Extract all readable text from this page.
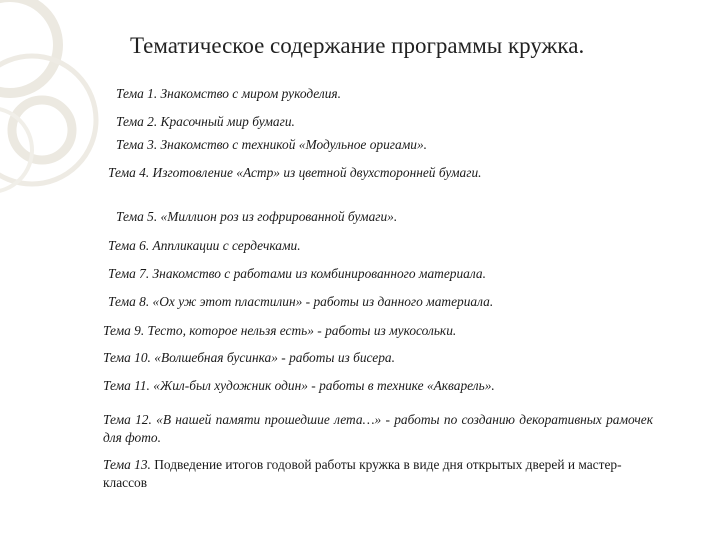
Тематическое содержание программы кружка.
Тема 1. Знакомство с миром рукоделия.
Тема 2. Красочный мир бумаги.
Тема 3. Знакомство с техникой «Модульное оригами».
Тема 4. Изготовление «Астр» из цветной двухсторонней бумаги.
Тема 5. «Миллион роз из гофрированной бумаги».
Тема 6. Аппликации с сердечками.
Тема 7. Знакомство с работами из комбинированного материала.
Тема 8. «Ох уж этот пластилин» - работы из данного материала.
Тема 9. Тесто, которое нельзя есть» - работы из мукосольки.
Тема 10. «Волшебная бусинка» - работы из бисера.
Тема 11. «Жил-был художник один» - работы в технике «Акварель».
Тема 12. «В нашей памяти прошедшие лета…» - работы по созданию декоративных рамочек для фото.
Тема 13. Подведение итогов годовой работы кружка в виде дня открытых дверей и мастер-классов
